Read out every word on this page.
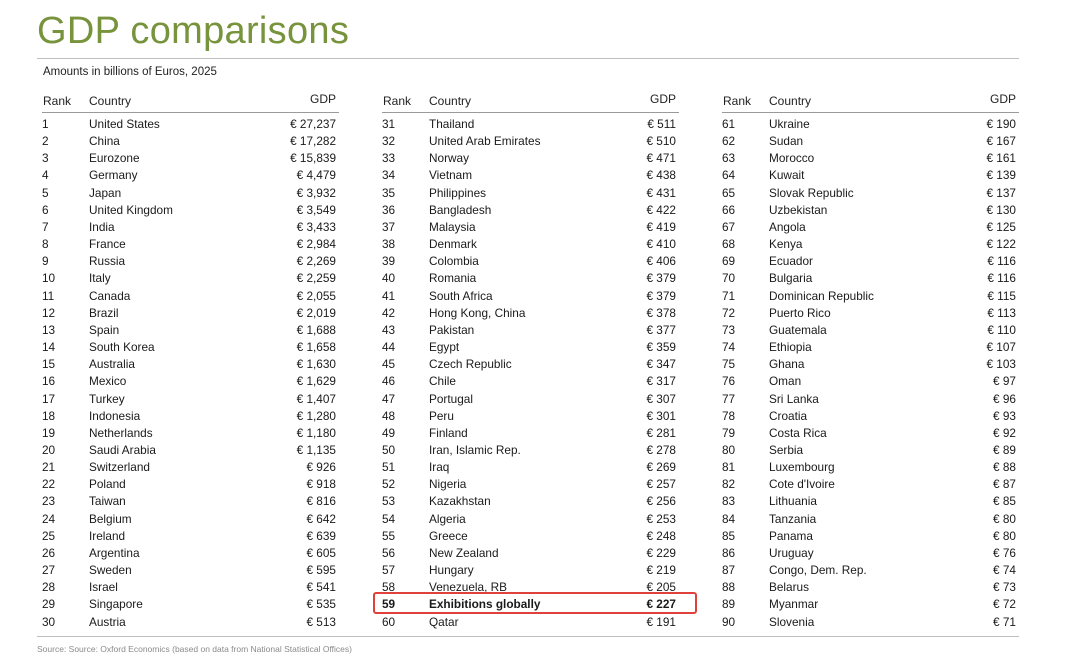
GDP comparisons
Amounts in billions of Euros, 2025
Rank Country	GDP
1	United States	€ 27,237
2	China	€ 17,282
3	Eurozone	€ 15,839
4	Germany	€ 4,479
5	Japan	€ 3,932
6	United Kingdom	€ 3,549
7	India	€ 3,433
8	France	€ 2,984
9	Russia	€ 2,269
10	Italy	€ 2,259
11	Canada	€ 2,055
12	Brazil	€ 2,019
13	Spain	€ 1,688
14	South Korea	€ 1,658
15	Australia	€ 1,630
16	Mexico	€ 1,629
17	Turkey	€ 1,407
18	Indonesia	€ 1,280
19	Netherlands	€ 1,180
20	Saudi Arabia	€ 1,135
21	Switzerland	€ 926
22	Poland	€ 918
23	Taiwan	€ 816
24	Belgium	€ 642
25	Ireland	€ 639
26	Argentina	€ 605
27	Sweden	€ 595
28	Israel	€ 541
29	Singapore	€ 535
30	Austria	€ 513
Rank Country	GDP
31	Thailand	€ 511
32	United Arab Emirates	€ 510
33	Norway	€ 471
34	Vietnam	€ 438
35	Philippines	€ 431
36	Bangladesh	€ 422
37	Malaysia	€ 419
38	Denmark	€ 410
39	Colombia	€ 406
40	Romania	€ 379
41	South Africa	€ 379
42	Hong Kong, China	€ 378
43	Pakistan	€ 377
44	Egypt	€ 359
45	Czech Republic	€ 347
46	Chile	€ 317
47	Portugal	€ 307
48	Peru	€ 301
49	Finland	€ 281
50	Iran, Islamic Rep.	€ 278
51	Iraq	€ 269
52	Nigeria	€ 257
53	Kazakhstan	€ 256
54	Algeria	€ 253
55	Greece	€ 248
56	New Zealand	€ 229
57	Hungary	€ 219
58	Venezuela, RB	€ 205
59	Exhibitions globally	€ 227
60	Qatar	€ 191
Rank Country	GDP
61	Ukraine	€ 190
62	Sudan	€ 167
63	Morocco	€ 161
64	Kuwait	€ 139
65	Slovak Republic	€ 137
66	Uzbekistan	€ 130
67	Angola	€ 125
68	Kenya	€ 122
69	Ecuador	€ 116
70	Bulgaria	€ 116
71	Dominican Republic	€ 115
72	Puerto Rico	€ 113
73	Guatemala	€ 110
74	Ethiopia	€ 107
75	Ghana	€ 103
76	Oman	€ 97
77	Sri Lanka	€ 96
78	Croatia	€ 93
79	Costa Rica	€ 92
80	Serbia	€ 89
81	Luxembourg	€ 88
82	Cote d'Ivoire	€ 87
83	Lithuania	€ 85
84	Tanzania	€ 80
85	Panama	€ 80
86	Uruguay	€ 76
87	Congo, Dem. Rep.	€ 74
88	Belarus	€ 73
89	Myanmar	€ 72
90	Slovenia	€ 71
Source: Source: Oxford Economics (based on data from National Statistical Offices)
